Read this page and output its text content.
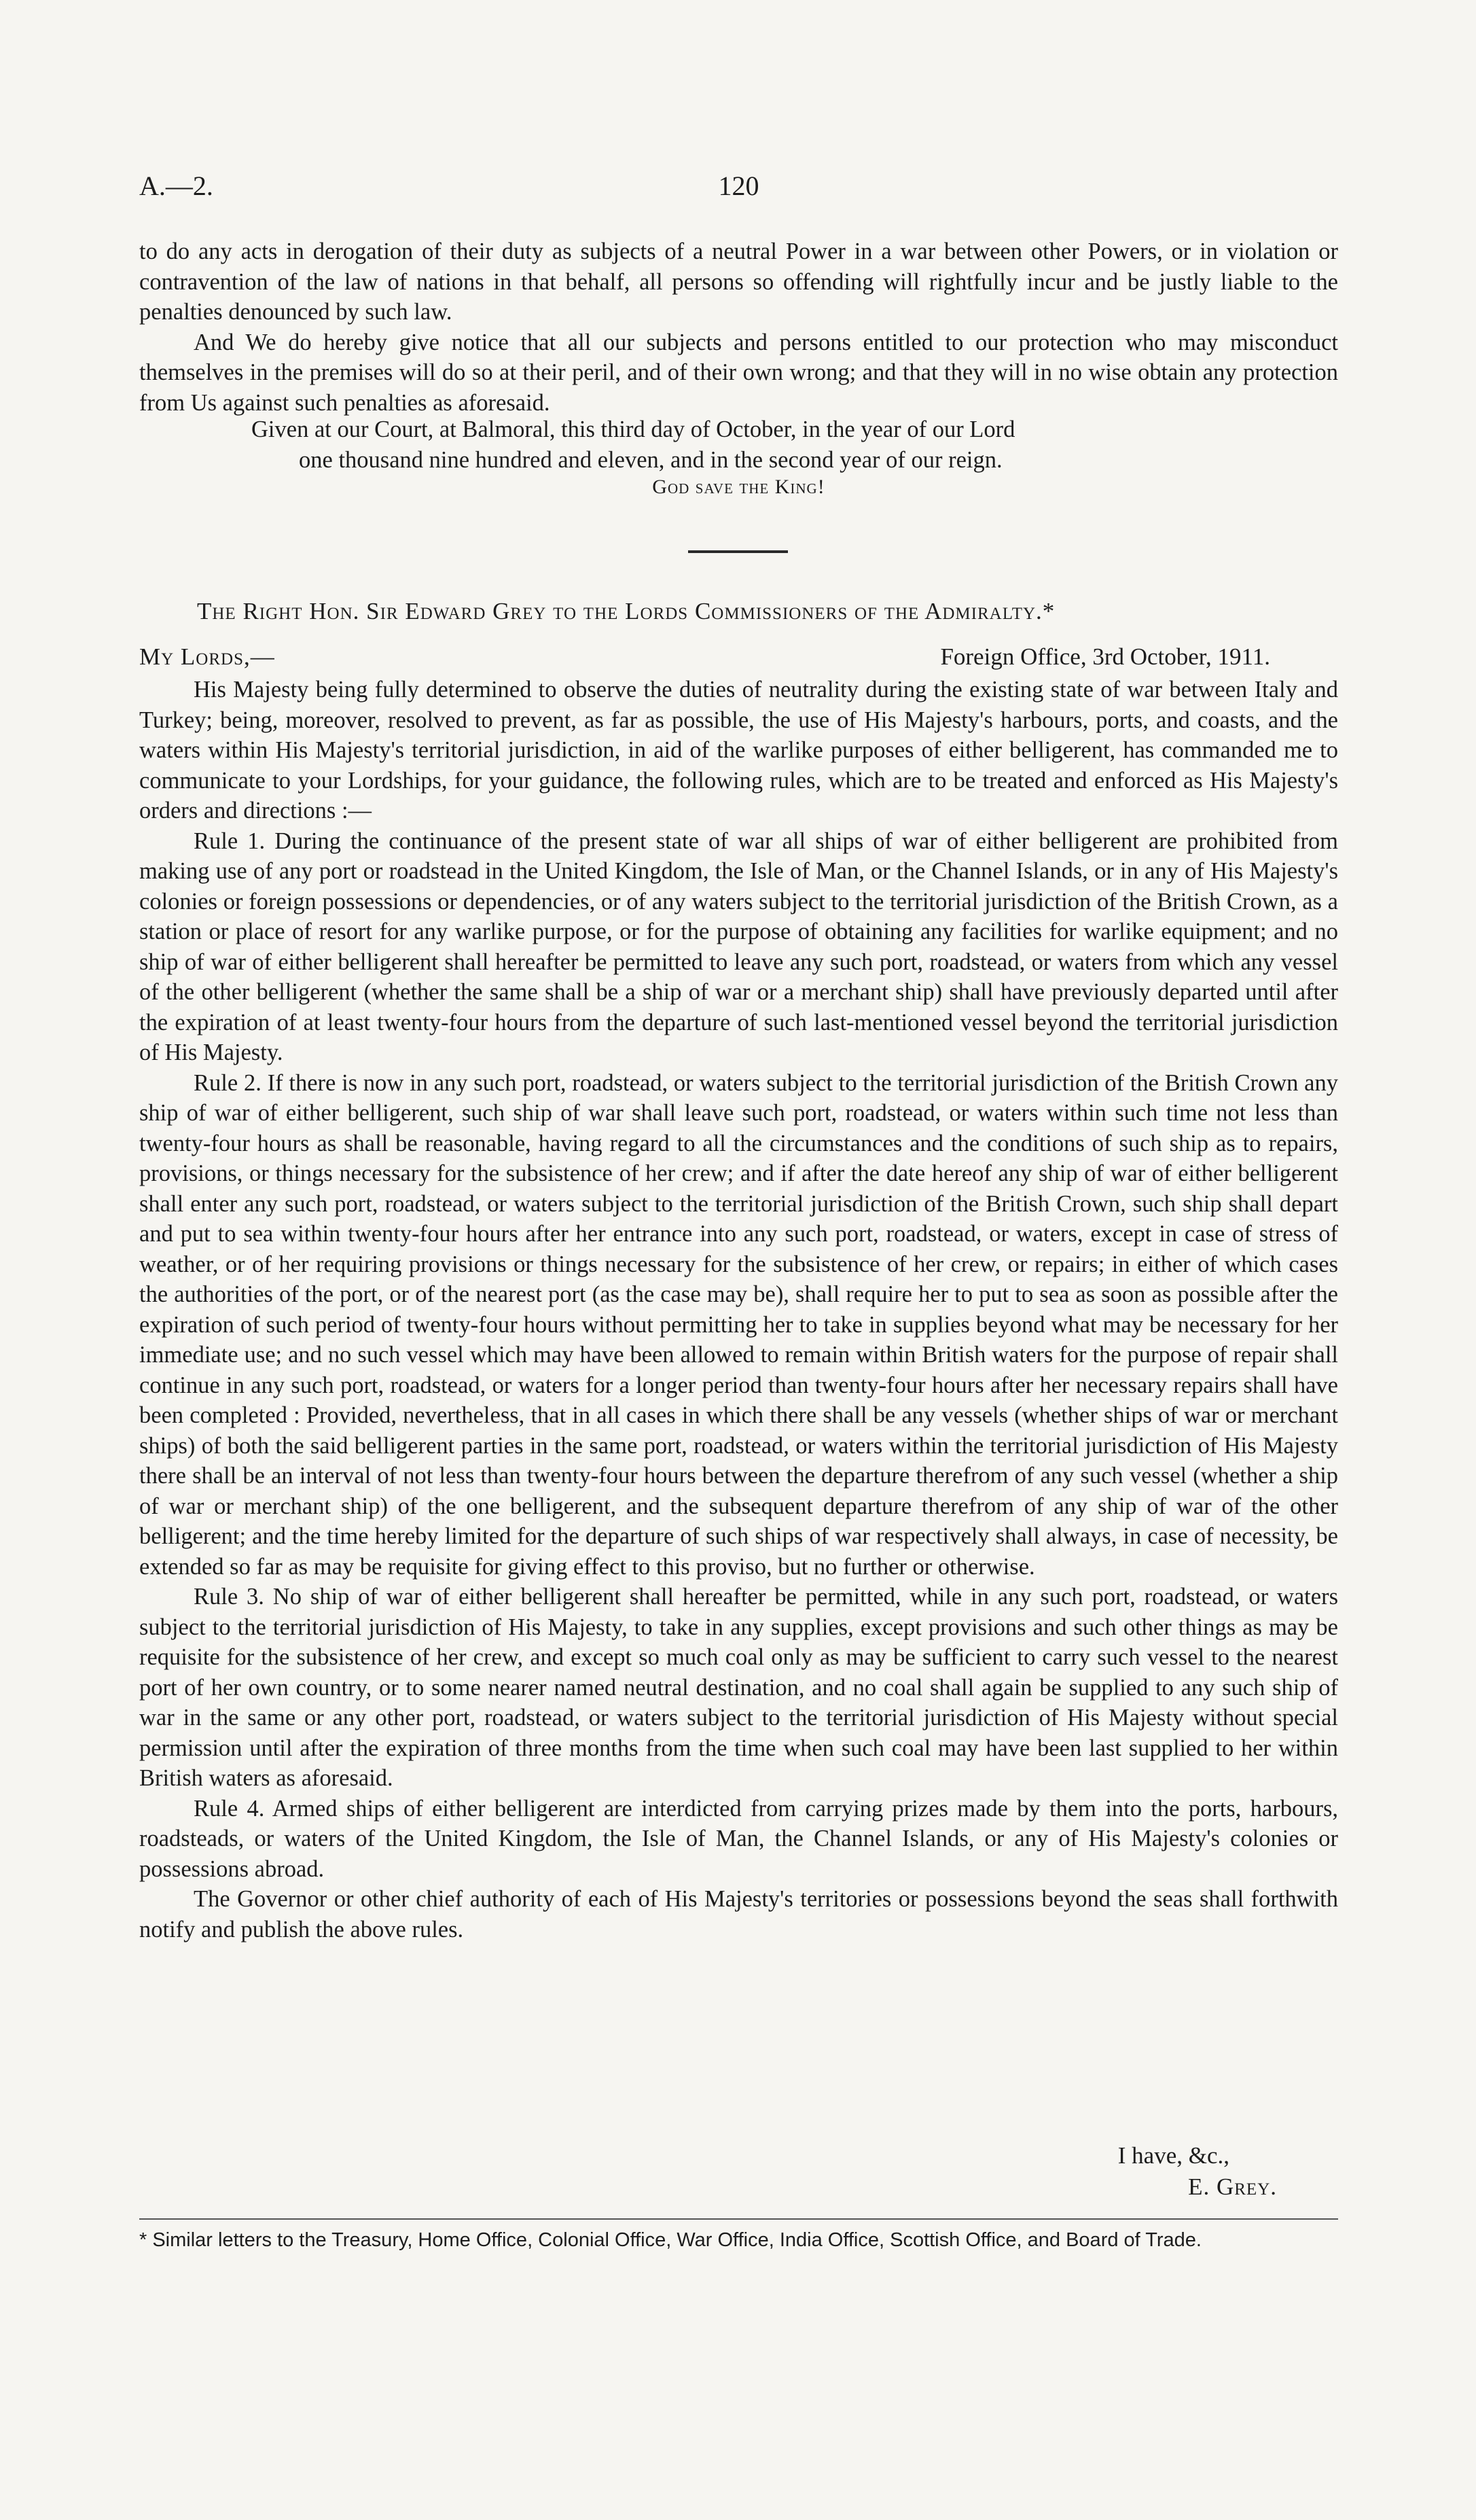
A.—2.	120

to do any acts in derogation of their duty as subjects of a neutral Power in a war between other Powers, or in violation or contravention of the law of nations in that behalf, all persons so offending will rightfully incur and be justly liable to the penalties denounced by such law.

And We do hereby give notice that all our subjects and persons entitled to our protection who may misconduct themselves in the premises will do so at their peril, and of their own wrong; and that they will in no wise obtain any protection from Us against such penalties as aforesaid.

Given at our Court, at Balmoral, this third day of October, in the year of our Lord
one thousand nine hundred and eleven, and in the second year of our reign.
God save the King!
The Right Hon. Sir Edward Grey to the Lords Commissioners of the Admiralty.*
My Lords,—	Foreign Office, 3rd October, 1911.

His Majesty being fully determined to observe the duties of neutrality during the existing state of war between Italy and Turkey; being, moreover, resolved to prevent, as far as possible, the use of His Majesty's harbours, ports, and coasts, and the waters within His Majesty's territorial jurisdiction, in aid of the warlike purposes of either belligerent, has commanded me to communicate to your Lordships, for your guidance, the following rules, which are to be treated and enforced as His Majesty's orders and directions :—

Rule 1. During the continuance of the present state of war all ships of war of either belligerent are prohibited from making use of any port or roadstead in the United Kingdom, the Isle of Man, or the Channel Islands, or in any of His Majesty's colonies or foreign possessions or dependencies, or of any waters subject to the territorial jurisdiction of the British Crown, as a station or place of resort for any warlike purpose, or for the purpose of obtaining any facilities for warlike equipment; and no ship of war of either belligerent shall hereafter be permitted to leave any such port, roadstead, or waters from which any vessel of the other belligerent (whether the same shall be a ship of war or a merchant ship) shall have previously departed until after the expiration of at least twenty-four hours from the departure of such last-mentioned vessel beyond the territorial jurisdiction of His Majesty.

Rule 2. If there is now in any such port, roadstead, or waters subject to the territorial jurisdiction of the British Crown any ship of war of either belligerent, such ship of war shall leave such port, roadstead, or waters within such time not less than twenty-four hours as shall be reasonable, having regard to all the circumstances and the conditions of such ship as to repairs, provisions, or things necessary for the subsistence of her crew; and if after the date hereof any ship of war of either belligerent shall enter any such port, roadstead, or waters subject to the territorial jurisdiction of the British Crown, such ship shall depart and put to sea within twenty-four hours after her entrance into any such port, roadstead, or waters, except in case of stress of weather, or of her requiring provisions or things necessary for the subsistence of her crew, or repairs; in either of which cases the authorities of the port, or of the nearest port (as the case may be), shall require her to put to sea as soon as possible after the expiration of such period of twenty-four hours without permitting her to take in supplies beyond what may be necessary for her immediate use; and no such vessel which may have been allowed to remain within British waters for the purpose of repair shall continue in any such port, roadstead, or waters for a longer period than twenty-four hours after her necessary repairs shall have been completed : Provided, nevertheless, that in all cases in which there shall be any vessels (whether ships of war or merchant ships) of both the said belligerent parties in the same port, roadstead, or waters within the territorial jurisdiction of His Majesty there shall be an interval of not less than twenty-four hours between the departure therefrom of any such vessel (whether a ship of war or merchant ship) of the one belligerent, and the subsequent departure therefrom of any ship of war of the other belligerent; and the time hereby limited for the departure of such ships of war respectively shall always, in case of necessity, be extended so far as may be requisite for giving effect to this proviso, but no further or otherwise.

Rule 3. No ship of war of either belligerent shall hereafter be permitted, while in any such port, roadstead, or waters subject to the territorial jurisdiction of His Majesty, to take in any supplies, except provisions and such other things as may be requisite for the subsistence of her crew, and except so much coal only as may be sufficient to carry such vessel to the nearest port of her own country, or to some nearer named neutral destination, and no coal shall again be supplied to any such ship of war in the same or any other port, roadstead, or waters subject to the territorial jurisdiction of His Majesty without special permission until after the expiration of three months from the time when such coal may have been last supplied to her within British waters as aforesaid.

Rule 4. Armed ships of either belligerent are interdicted from carrying prizes made by them into the ports, harbours, roadsteads, or waters of the United Kingdom, the Isle of Man, the Channel Islands, or any of His Majesty's colonies or possessions abroad.

The Governor or other chief authority of each of His Majesty's territories or possessions beyond the seas shall forthwith notify and publish the above rules.

I have, &c.,
E. Grey.
* Similar letters to the Treasury, Home Office, Colonial Office, War Office, India Office, Scottish Office, and Board of Trade.
